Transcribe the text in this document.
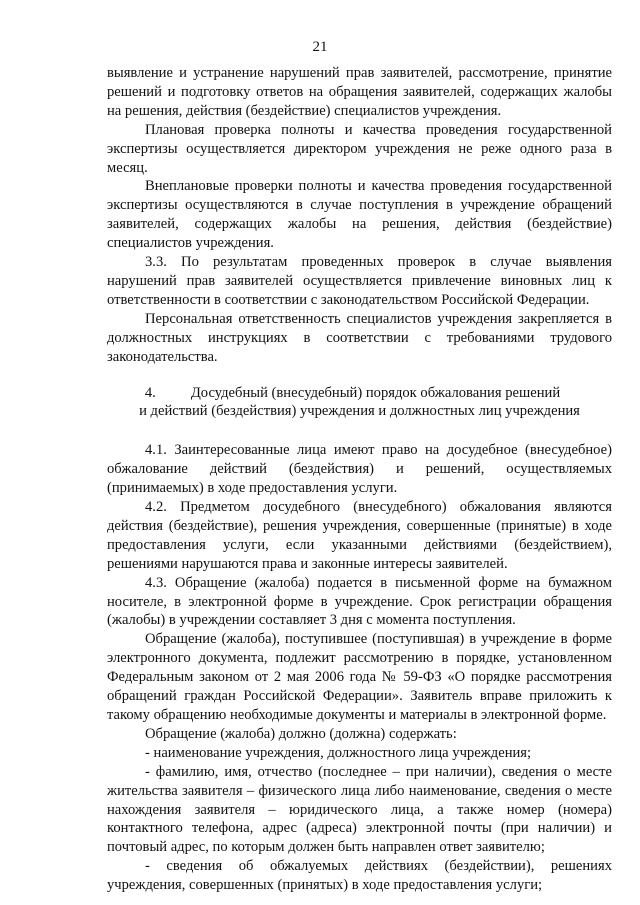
21

выявление и устранение нарушений прав заявителей, рассмотрение, принятие решений и подготовку ответов на обращения заявителей, содержащих жалобы на решения, действия (бездействие) специалистов учреждения.

Плановая проверка полноты и качества проведения государственной экспертизы осуществляется директором учреждения не реже одного раза в месяц.

Внеплановые проверки полноты и качества проведения государственной экспертизы осуществляются в случае поступления в учреждение обращений заявителей, содержащих жалобы на решения, действия (бездействие) специалистов учреждения.

3.3. По результатам проведенных проверок в случае выявления нарушений прав заявителей осуществляется привлечение виновных лиц к ответственности в соответствии с законодательством Российской Федерации.

Персональная ответственность специалистов учреждения закрепляется в должностных инструкциях в соответствии с требованиями трудового законодательства.

4. Досудебный (внесудебный) порядок обжалования решений
и действий (бездействия) учреждения и должностных лиц учреждения

4.1. Заинтересованные лица имеют право на досудебное (внесудебное) обжалование действий (бездействия) и решений, осуществляемых (принимаемых) в ходе предоставления услуги.

4.2. Предметом досудебного (внесудебного) обжалования являются действия (бездействие), решения учреждения, совершенные (принятые) в ходе предоставления услуги, если указанными действиями (бездействием), решениями нарушаются права и законные интересы заявителей.

4.3. Обращение (жалоба) подается в письменной форме на бумажном носителе, в электронной форме в учреждение. Срок регистрации обращения (жалобы) в учреждении составляет 3 дня с момента поступления.

Обращение (жалоба), поступившее (поступившая) в учреждение в форме электронного документа, подлежит рассмотрению в порядке, установленном Федеральным законом от 2 мая 2006 года № 59-ФЗ «О порядке рассмотрения обращений граждан Российской Федерации». Заявитель вправе приложить к такому обращению необходимые документы и материалы в электронной форме.

Обращение (жалоба) должно (должна) содержать:

- наименование учреждения, должностного лица учреждения;

- фамилию, имя, отчество (последнее – при наличии), сведения о месте жительства заявителя – физического лица либо наименование, сведения о месте нахождения заявителя – юридического лица, а также номер (номера) контактного телефона, адрес (адреса) электронной почты (при наличии) и почтовый адрес, по которым должен быть направлен ответ заявителю;

- сведения об обжалуемых действиях (бездействии), решениях учреждения, совершенных (принятых) в ходе предоставления услуги;
